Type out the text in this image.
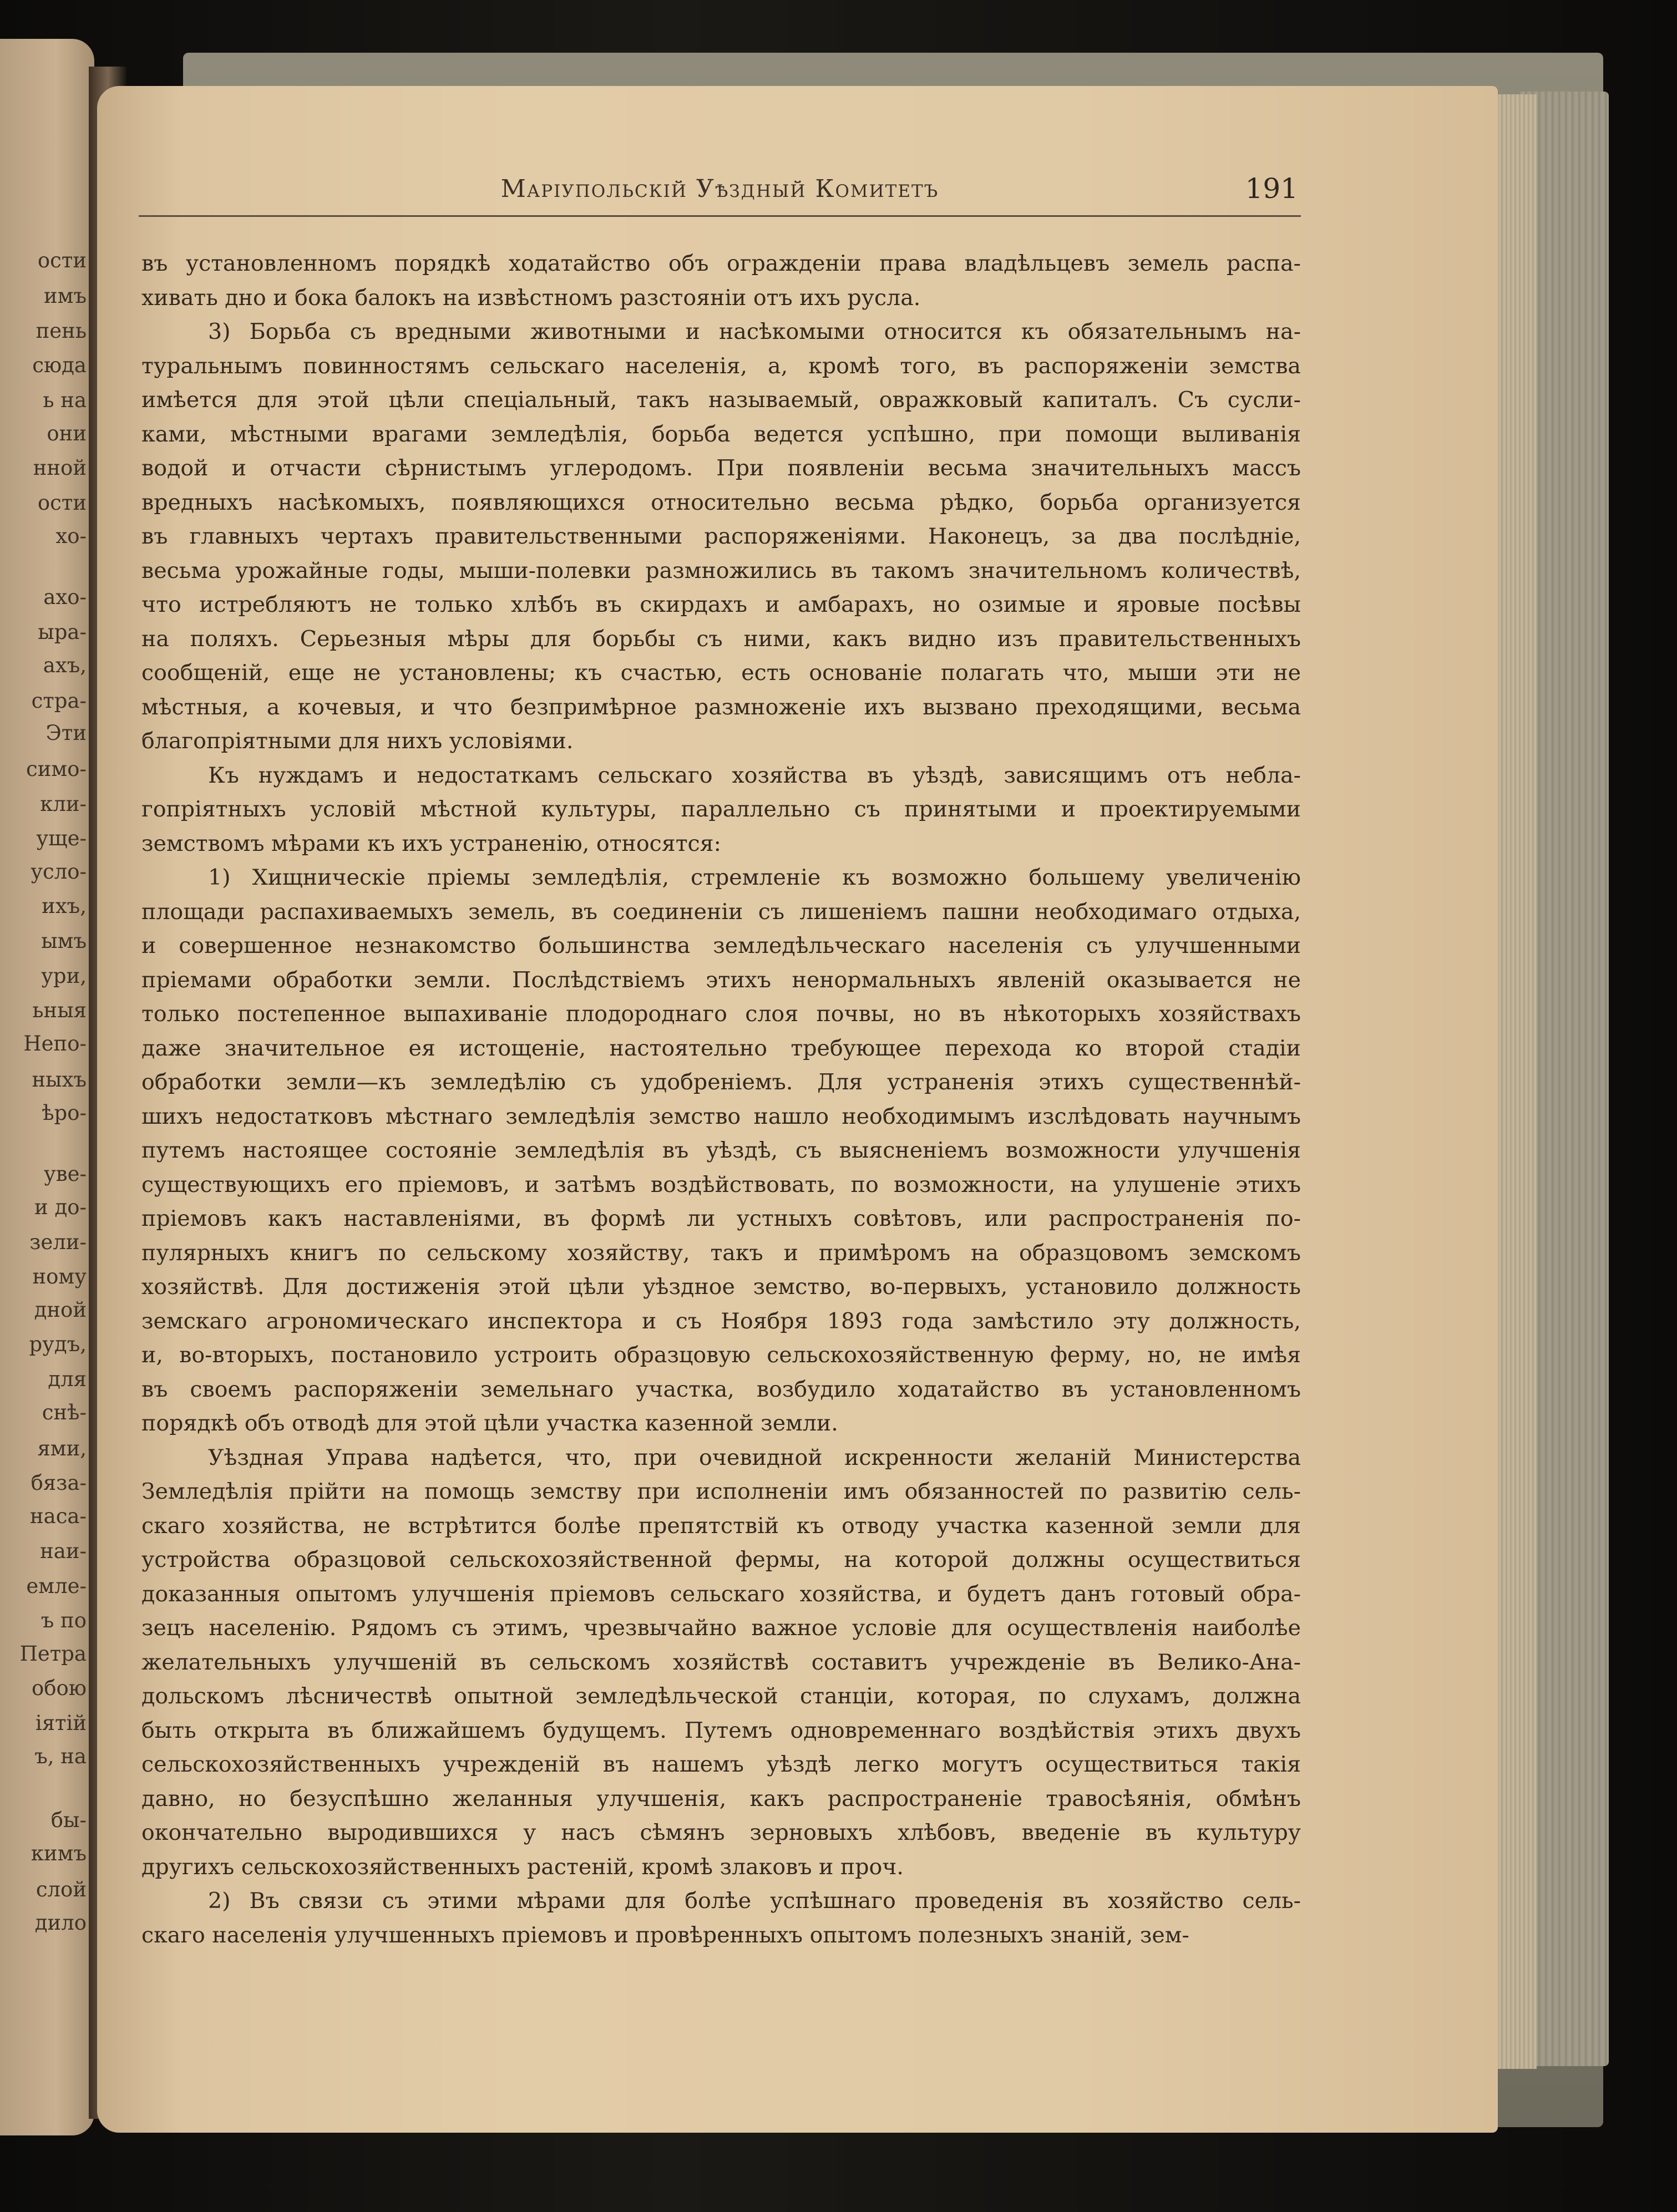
ости
имъ
пень
сюда
ь на
они
нной
ости
хо-
ахо-
ыра-
ахъ,
стра-
Эти
симо-
кли-
уще-
усло-
ихъ,
ымъ
ури,
ьныя
Непо-
ныхъ
ѣро-
уве-
и до-
зели-
ному
дной
рудъ,
для
снѣ-
ями,
бяза-
наса-
наи-
емле-
ъ по
Петра
обою
іятій
ъ, на
бы-
кимъ
слой
дило
Маріупольскій Уѣздный Комитетъ	191

въ установленномъ порядкѣ ходатайство объ огражденіи права владѣльцевъ земель распа-

хивать дно и бока балокъ на извѣстномъ разстояніи отъ ихъ русла.

3) Борьба съ вредными животными и насѣкомыми относится къ обязательнымъ на-

туральнымъ повинностямъ сельскаго населенія, а, кромѣ того, въ распоряженіи земства

имѣется для этой цѣли спеціальный, такъ называемый, овражковый капиталъ. Съ сусли-

ками, мѣстными врагами земледѣлія, борьба ведется успѣшно, при помощи выливанія

водой и отчасти сѣрнистымъ углеродомъ. При появленіи весьма значительныхъ массъ

вредныхъ насѣкомыхъ, появляющихся относительно весьма рѣдко, борьба организуется

въ главныхъ чертахъ правительственными распоряженіями. Наконецъ, за два послѣдніе,

весьма урожайные годы, мыши-полевки размножились въ такомъ значительномъ количествѣ,

что истребляютъ не только хлѣбъ въ скирдахъ и амбарахъ, но озимые и яровые посѣвы

на поляхъ. Серьезныя мѣры для борьбы съ ними, какъ видно изъ правительственныхъ

сообщеній, еще не установлены; къ счастью, есть основаніе полагать что, мыши эти не

мѣстныя, а кочевыя, и что безпримѣрное размноженіе ихъ вызвано преходящими, весьма

благопріятными для нихъ условіями.

Къ нуждамъ и недостаткамъ сельскаго хозяйства въ уѣздѣ, зависящимъ отъ небла-

гопріятныхъ условій мѣстной культуры, параллельно съ принятыми и проектируемыми

земствомъ мѣрами къ ихъ устраненію, относятся:

1) Хищническіе пріемы земледѣлія, стремленіе къ возможно большему увеличенію

площади распахиваемыхъ земель, въ соединеніи съ лишеніемъ пашни необходимаго отдыха,

и совершенное незнакомство большинства земледѣльческаго населенія съ улучшенными

пріемами обработки земли. Послѣдствіемъ этихъ ненормальныхъ явленій оказывается не

только постепенное выпахиваніе плодороднаго слоя почвы, но въ нѣкоторыхъ хозяйствахъ

даже значительное ея истощеніе, настоятельно требующее перехода ко второй стадіи

обработки земли—къ земледѣлію съ удобреніемъ. Для устраненія этихъ существеннѣй-

шихъ недостатковъ мѣстнаго земледѣлія земство нашло необходимымъ изслѣдовать научнымъ

путемъ настоящее состояніе земледѣлія въ уѣздѣ, съ выясненіемъ возможности улучшенія

существующихъ его пріемовъ, и затѣмъ воздѣйствовать, по возможности, на улушеніе этихъ

пріемовъ какъ наставленіями, въ формѣ ли устныхъ совѣтовъ, или распространенія по-

пулярныхъ книгъ по сельскому хозяйству, такъ и примѣромъ на образцовомъ земскомъ

хозяйствѣ. Для достиженія этой цѣли уѣздное земство, во-первыхъ, установило должность

земскаго агрономическаго инспектора и съ Ноября 1893 года замѣстило эту должность,

и, во-вторыхъ, постановило устроить образцовую сельскохозяйственную ферму, но, не имѣя

въ своемъ распоряженіи земельнаго участка, возбудило ходатайство въ установленномъ

порядкѣ объ отводѣ для этой цѣли участка казенной земли.

Уѣздная Управа надѣется, что, при очевидной искренности желаній Министерства

Земледѣлія прійти на помощь земству при исполненіи имъ обязанностей по развитію сель-

скаго хозяйства, не встрѣтится болѣе препятствій къ отводу участка казенной земли для

устройства образцовой сельскохозяйственной фермы, на которой должны осуществиться

доказанныя опытомъ улучшенія пріемовъ сельскаго хозяйства, и будетъ данъ готовый обра-

зецъ населенію. Рядомъ съ этимъ, чрезвычайно важное условіе для осуществленія наиболѣе

желательныхъ улучшеній въ сельскомъ хозяйствѣ составитъ учрежденіе въ Велико-Ана-

дольскомъ лѣсничествѣ опытной земледѣльческой станціи, которая, по слухамъ, должна

быть открыта въ ближайшемъ будущемъ. Путемъ одновременнаго воздѣйствія этихъ двухъ

сельскохозяйственныхъ учрежденій въ нашемъ уѣздѣ легко могутъ осуществиться такія

давно, но безуспѣшно желанныя улучшенія, какъ распространеніе травосѣянія, обмѣнъ

окончательно выродившихся у насъ сѣмянъ зерновыхъ хлѣбовъ, введеніе въ культуру

другихъ сельскохозяйственныхъ растеній, кромѣ злаковъ и проч.

2) Въ связи съ этими мѣрами для болѣе успѣшнаго проведенія въ хозяйство сель-

скаго населенія улучшенныхъ пріемовъ и провѣренныхъ опытомъ полезныхъ знаній, зем-
